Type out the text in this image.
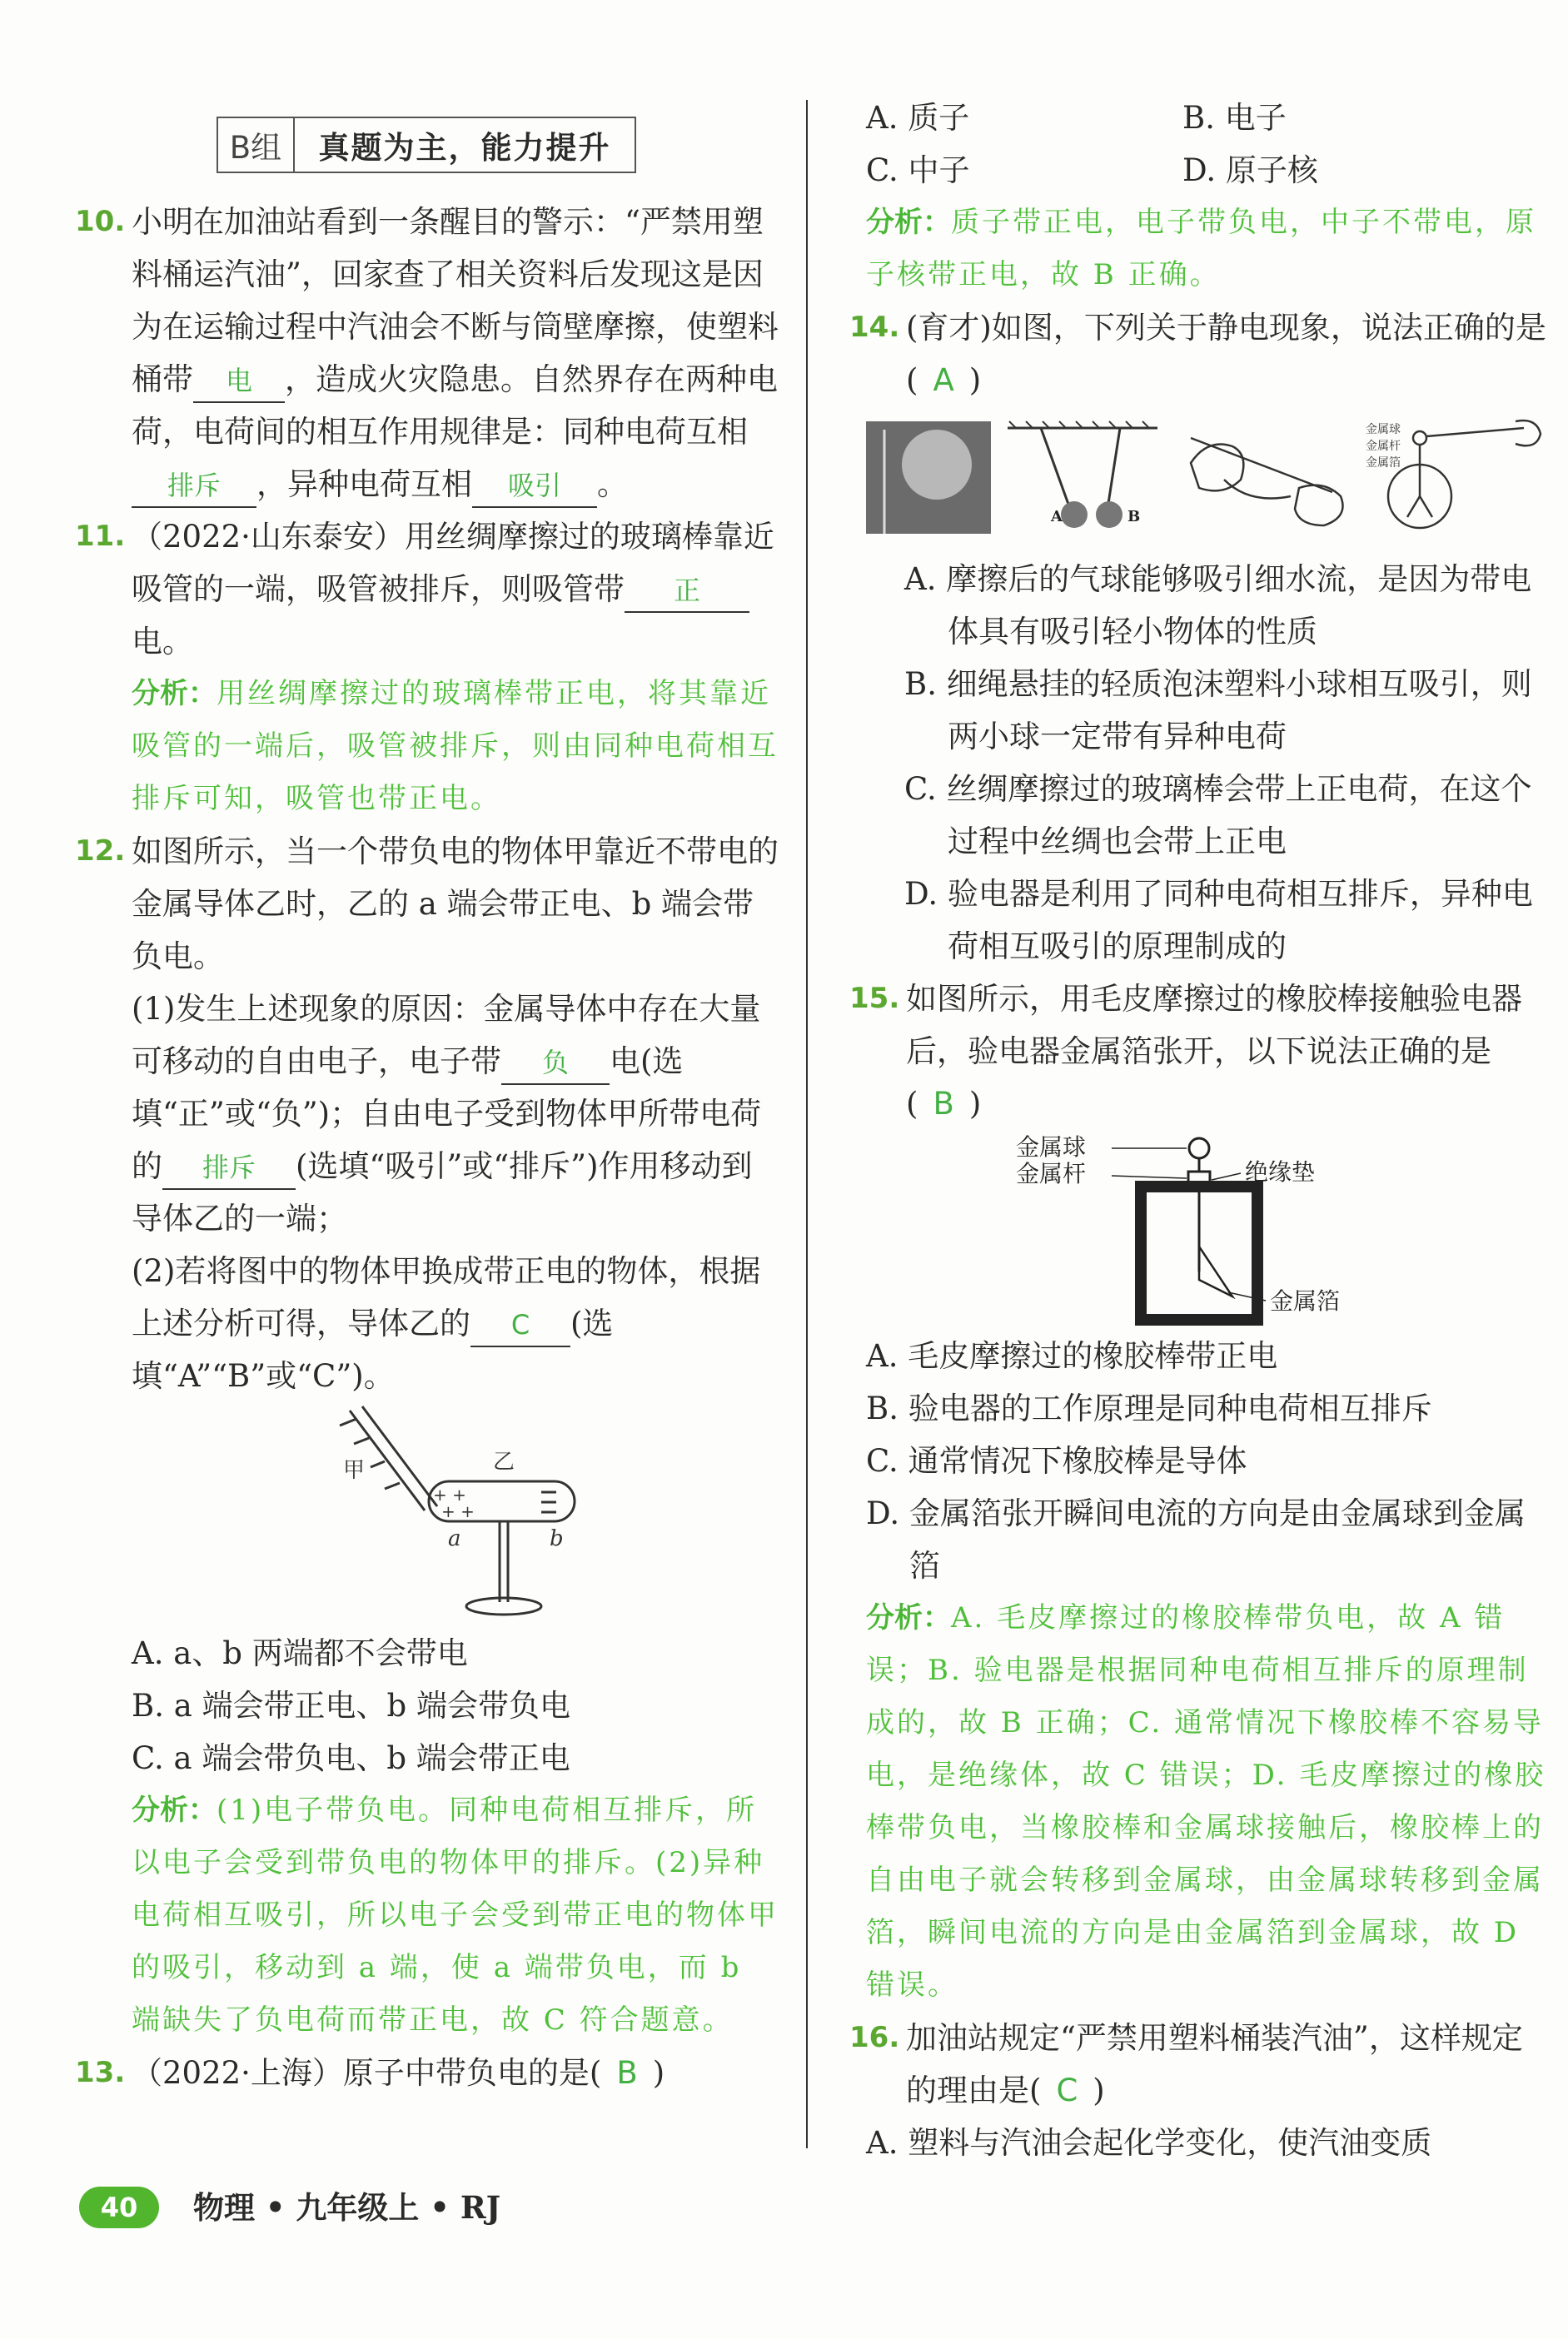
B组	真题为主，能力提升
10. 小明在加油站看到一条醒目的警示：“严禁用塑料桶运汽油”，回家查了相关资料后发现这是因为在运输过程中汽油会不断与筒壁摩擦，使塑料桶带 电 ，造成火灾隐患。自然界存在两种电荷，电荷间的相互作用规律是：同种电荷互相排斥 ，异种电荷互相 吸引 。
11. （2022·山东泰安）用丝绸摩擦过的玻璃棒靠近吸管的一端，吸管被排斥，则吸管带 正电。

分析：用丝绸摩擦过的玻璃棒带正电，将其靠近吸管的一端后，吸管被排斥，则由同种电荷相互排斥可知，吸管也带正电。

12. 如图所示，当一个带负电的物体甲靠近不带电的金属导体乙时，乙的 a 端会带正电、b 端会带负电。

(1)发生上述现象的原因：金属导体中存在大量可移动的自由电子，电子带 负 电(选填“正”或“负”)；自由电子受到物体甲所带电荷的 排斥 (选填“吸引”或“排斥”)作用移动到导体乙的一端；

(2)若将图中的物体甲换成带正电的物体，根据上述分析可得，导体乙的 C (选填“A”“B”或“C”)。

+ +
+ +
甲	乙
a	b

A. a、b 两端都不会带电

B. a 端会带正电、b 端会带负电

C. a 端会带负电、b 端会带正电

分析：(1)电子带负电。同种电荷相互排斥，所以电子会受到带负电的物体甲的排斥。(2)异种电荷相互吸引，所以电子会受到带正电的物体甲的吸引，移动到 a 端，使 a 端带负电，而 b 端缺失了负电荷而带正电，故 C 符合题意。

13. （2022·上海）原子中带负电的是( B )
A. 质子	B. 电子
C. 中子	D. 原子核

分析：质子带正电，电子带负电，中子不带电，原子核带正电，故 B 正确。

14. (育才)如图，下列关于静电现象，说法正确的是( A )
A	B
金属球
金属杆
金属箔

A. 摩擦后的气球能够吸引细水流，是因为带电体具有吸引轻小物体的性质

B. 细绳悬挂的轻质泡沫塑料小球相互吸引，则两小球一定带有异种电荷

C. 丝绸摩擦过的玻璃棒会带上正电荷，在这个过程中丝绸也会带上正电

D. 验电器是利用了同种电荷相互排斥，异种电荷相互吸引的原理制成的

15. 如图所示，用毛皮摩擦过的橡胶棒接触验电器后，验电器金属箔张开，以下说法正确的是( B )
金属球
金属杆	绝缘垫
金属箔

A. 毛皮摩擦过的橡胶棒带正电

B. 验电器的工作原理是同种电荷相互排斥

C. 通常情况下橡胶棒是导体

D. 金属箔张开瞬间电流的方向是由金属球到金属箔

分析：A. 毛皮摩擦过的橡胶棒带负电，故 A 错误；B. 验电器是根据同种电荷相互排斥的原理制成的，故 B 正确；C. 通常情况下橡胶棒不容易导电，是绝缘体，故 C 错误；D. 毛皮摩擦过的橡胶棒带负电，当橡胶棒和金属球接触后，橡胶棒上的自由电子就会转移到金属球，由金属球转移到金属箔，瞬间电流的方向是由金属箔到金属球，故 D 错误。

16. 加油站规定“严禁用塑料桶装汽油”，这样规定的理由是( C )

A. 塑料与汽油会起化学变化，使汽油变质

40	物理 • 九年级上 • RJ
